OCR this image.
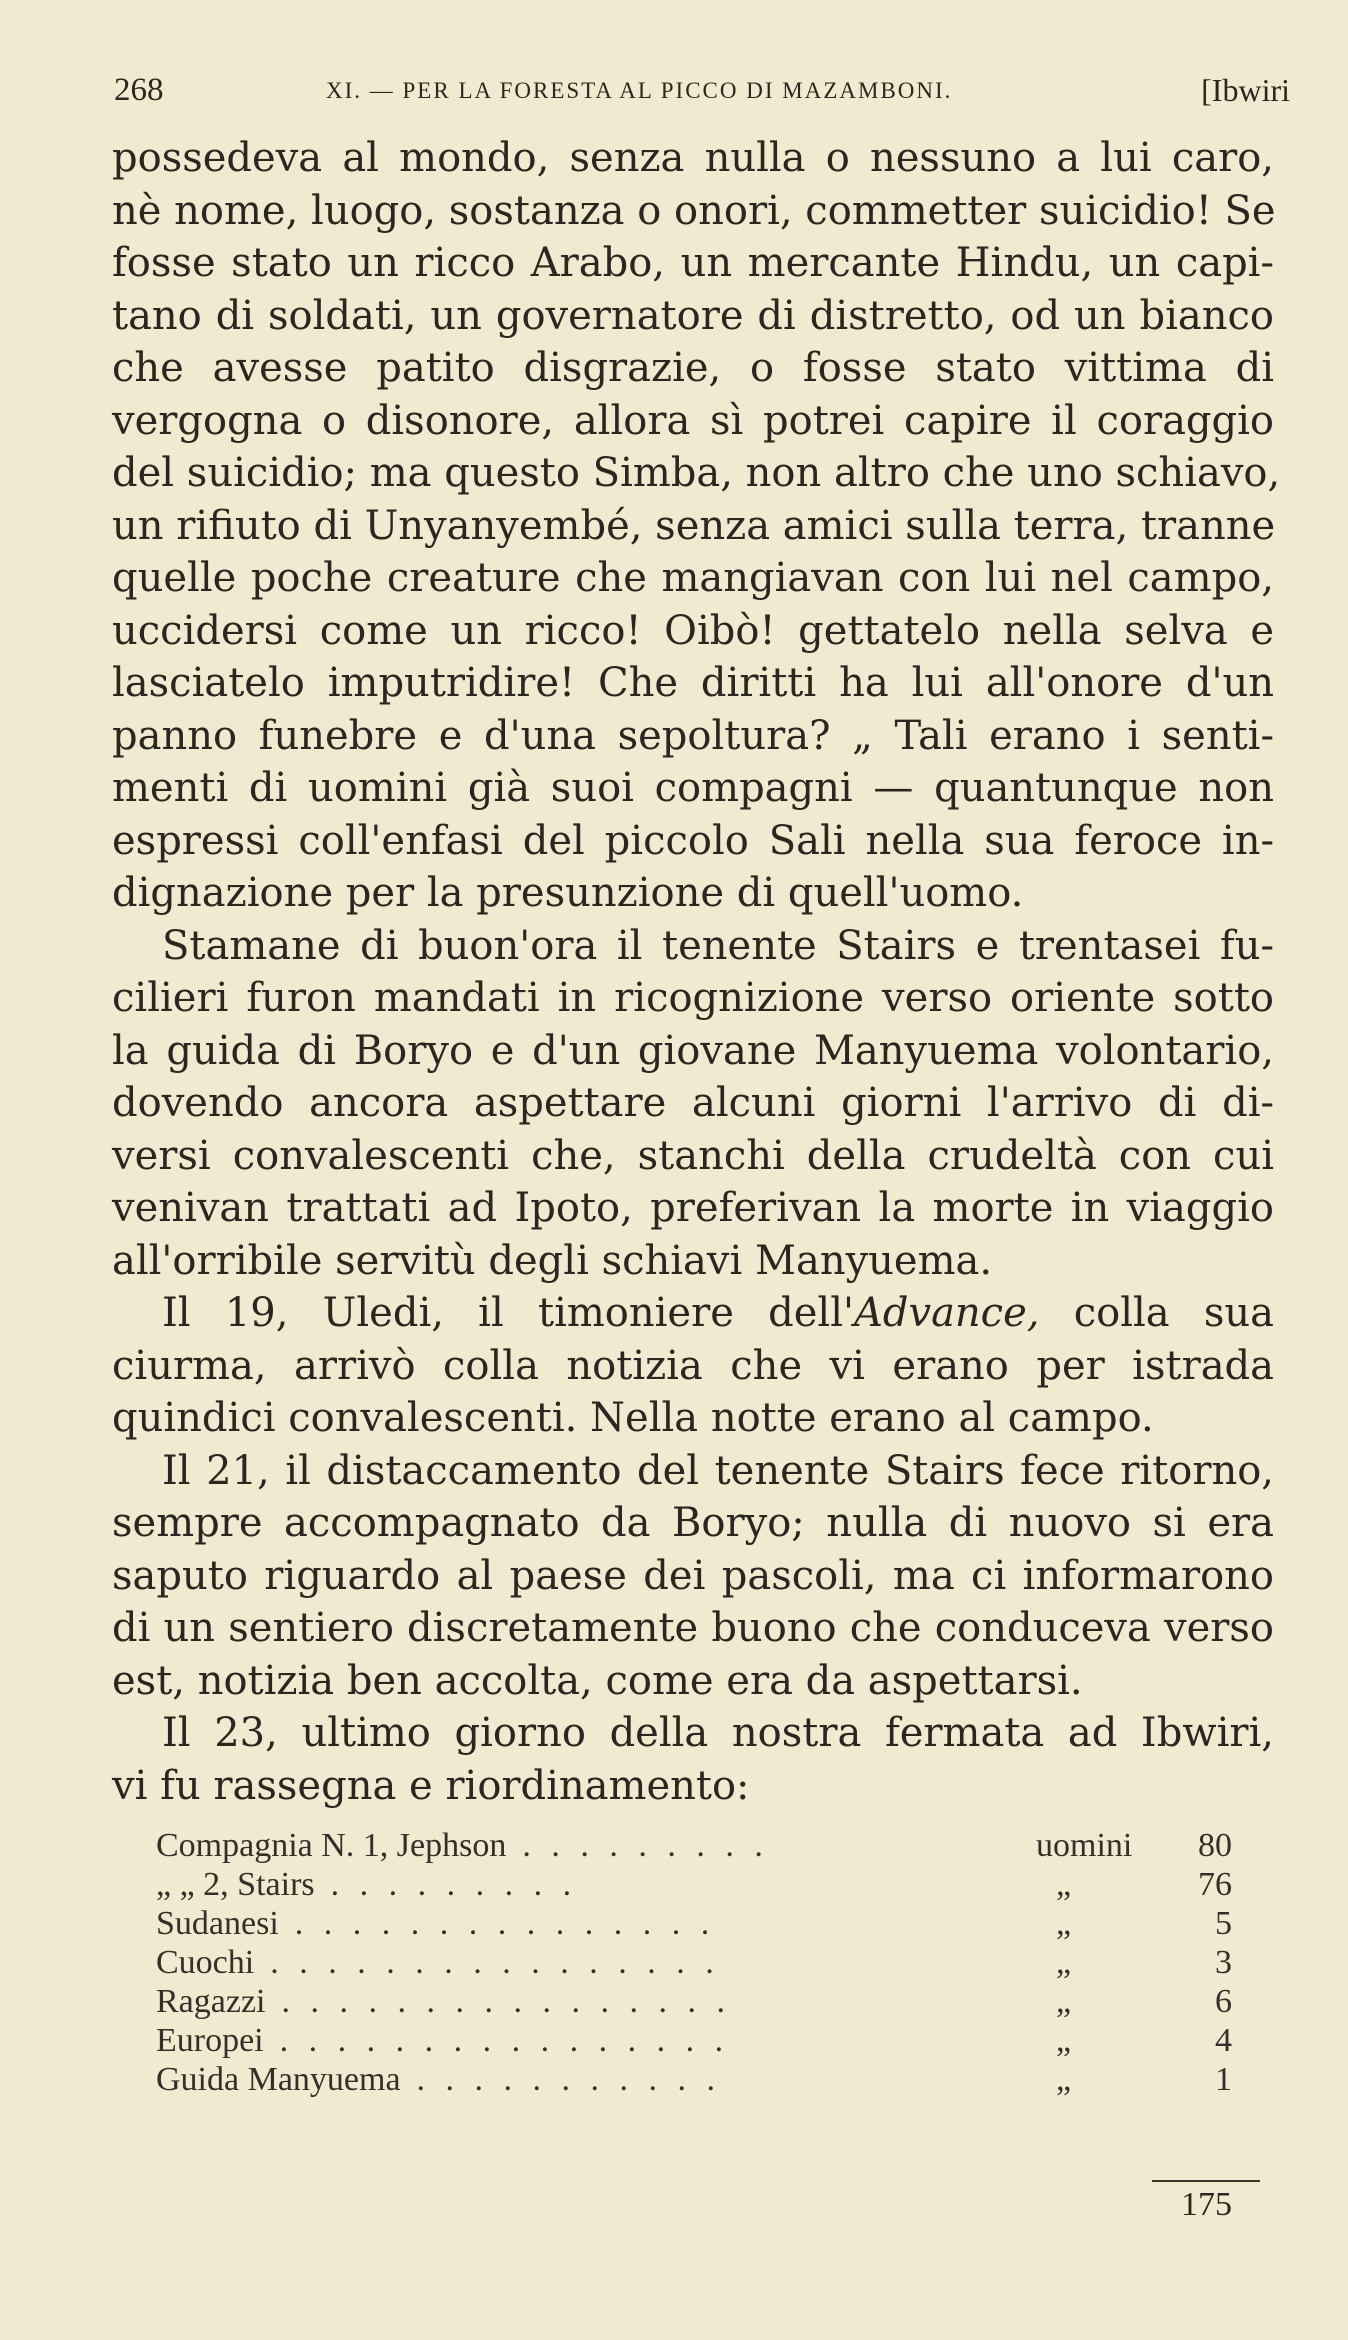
268	XI. — PER LA FORESTA AL PICCO DI MAZAMBONI.	[Ibwiri
possedeva al mondo, senza nulla o nessuno a lui caro,
nè nome, luogo, sostanza o onori, commetter suicidio! Se
fosse stato un ricco Arabo, un mercante Hindu, un capi-
tano di soldati, un governatore di distretto, od un bianco
che avesse patito disgrazie, o fosse stato vittima di
vergogna o disonore, allora sì potrei capire il coraggio
del suicidio; ma questo Simba, non altro che uno schiavo,
un rifiuto di Unyanyembé, senza amici sulla terra, tranne
quelle poche creature che mangiavan con lui nel campo,
uccidersi come un ricco! Oibò! gettatelo nella selva e
lasciatelo imputridire! Che diritti ha lui all'onore d'un
panno funebre e d'una sepoltura? „ Tali erano i senti-
menti di uomini già suoi compagni — quantunque non
espressi coll'enfasi del piccolo Sali nella sua feroce in-
dignazione per la presunzione di quell'uomo.
Stamane di buon'ora il tenente Stairs e trentasei fu-
cilieri furon mandati in ricognizione verso oriente sotto
la guida di Boryo e d'un giovane Manyuema volontario,
dovendo ancora aspettare alcuni giorni l'arrivo di di-
versi convalescenti che, stanchi della crudeltà con cui
venivan trattati ad Ipoto, preferivan la morte in viaggio
all'orribile servitù degli schiavi Manyuema.
Il 19, Uledi, il timoniere dell'Advance, colla sua
ciurma, arrivò colla notizia che vi erano per istrada
quindici convalescenti. Nella notte erano al campo.
Il 21, il distaccamento del tenente Stairs fece ritorno,
sempre accompagnato da Boryo; nulla di nuovo si era
saputo riguardo al paese dei pascoli, ma ci informarono
di un sentiero discretamente buono che conduceva verso
est, notizia ben accolta, come era da aspettarsi.
Il 23, ultimo giorno della nostra fermata ad Ibwiri,
vi fu rassegna e riordinamento:
Compagnia N. 1, Jephson . . . . . . . . .	uomini	80
„ „ 2, Stairs . . . . . . . . .	„	76
Sudanesi . . . . . . . . . . . . . . .	„	5
Cuochi . . . . . . . . . . . . . . . .	„	3
Ragazzi . . . . . . . . . . . . . . . .	„	6
Europei . . . . . . . . . . . . . . . .	„	4
Guida Manyuema . . . . . . . . . . .	„	1
175
